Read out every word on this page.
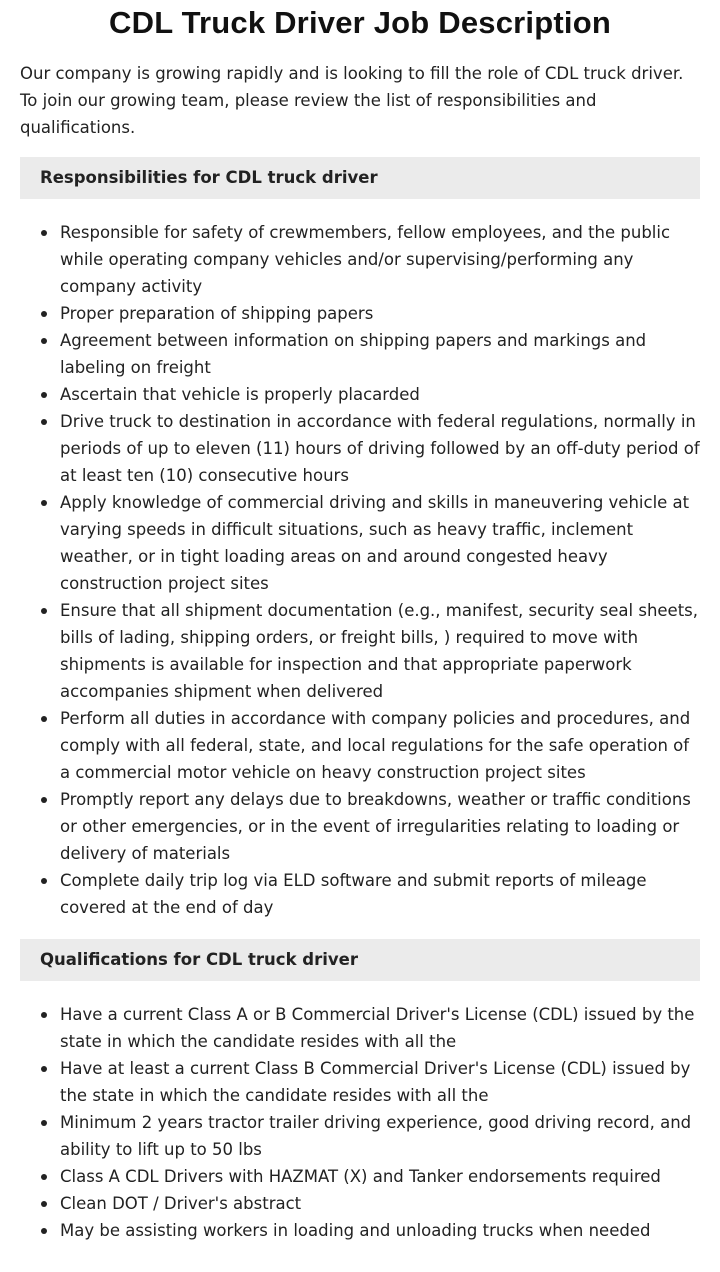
CDL Truck Driver Job Description

Our company is growing rapidly and is looking to fill the role of CDL truck driver. To join our growing team, please review the list of responsibilities and qualifications.

Responsibilities for CDL truck driver
Responsible for safety of crewmembers, fellow employees, and the public while operating company vehicles and/or supervising/performing any company activity
Proper preparation of shipping papers
Agreement between information on shipping papers and markings and labeling on freight
Ascertain that vehicle is properly placarded
Drive truck to destination in accordance with federal regulations, normally in periods of up to eleven (11) hours of driving followed by an off-duty period of at least ten (10) consecutive hours
Apply knowledge of commercial driving and skills in maneuvering vehicle at varying speeds in difficult situations, such as heavy traffic, inclement weather, or in tight loading areas on and around congested heavy construction project sites
Ensure that all shipment documentation (e.g., manifest, security seal sheets, bills of lading, shipping orders, or freight bills, ) required to move with shipments is available for inspection and that appropriate paperwork accompanies shipment when delivered
Perform all duties in accordance with company policies and procedures, and comply with all federal, state, and local regulations for the safe operation of a commercial motor vehicle on heavy construction project sites
Promptly report any delays due to breakdowns, weather or traffic conditions or other emergencies, or in the event of irregularities relating to loading or delivery of materials
Complete daily trip log via ELD software and submit reports of mileage covered at the end of day
Qualifications for CDL truck driver
Have a current Class A or B Commercial Driver's License (CDL) issued by the state in which the candidate resides with all the
Have at least a current Class B Commercial Driver's License (CDL) issued by the state in which the candidate resides with all the
Minimum 2 years tractor trailer driving experience, good driving record, and ability to lift up to 50 lbs
Class A CDL Drivers with HAZMAT (X) and Tanker endorsements required
Clean DOT / Driver's abstract
May be assisting workers in loading and unloading trucks when needed
